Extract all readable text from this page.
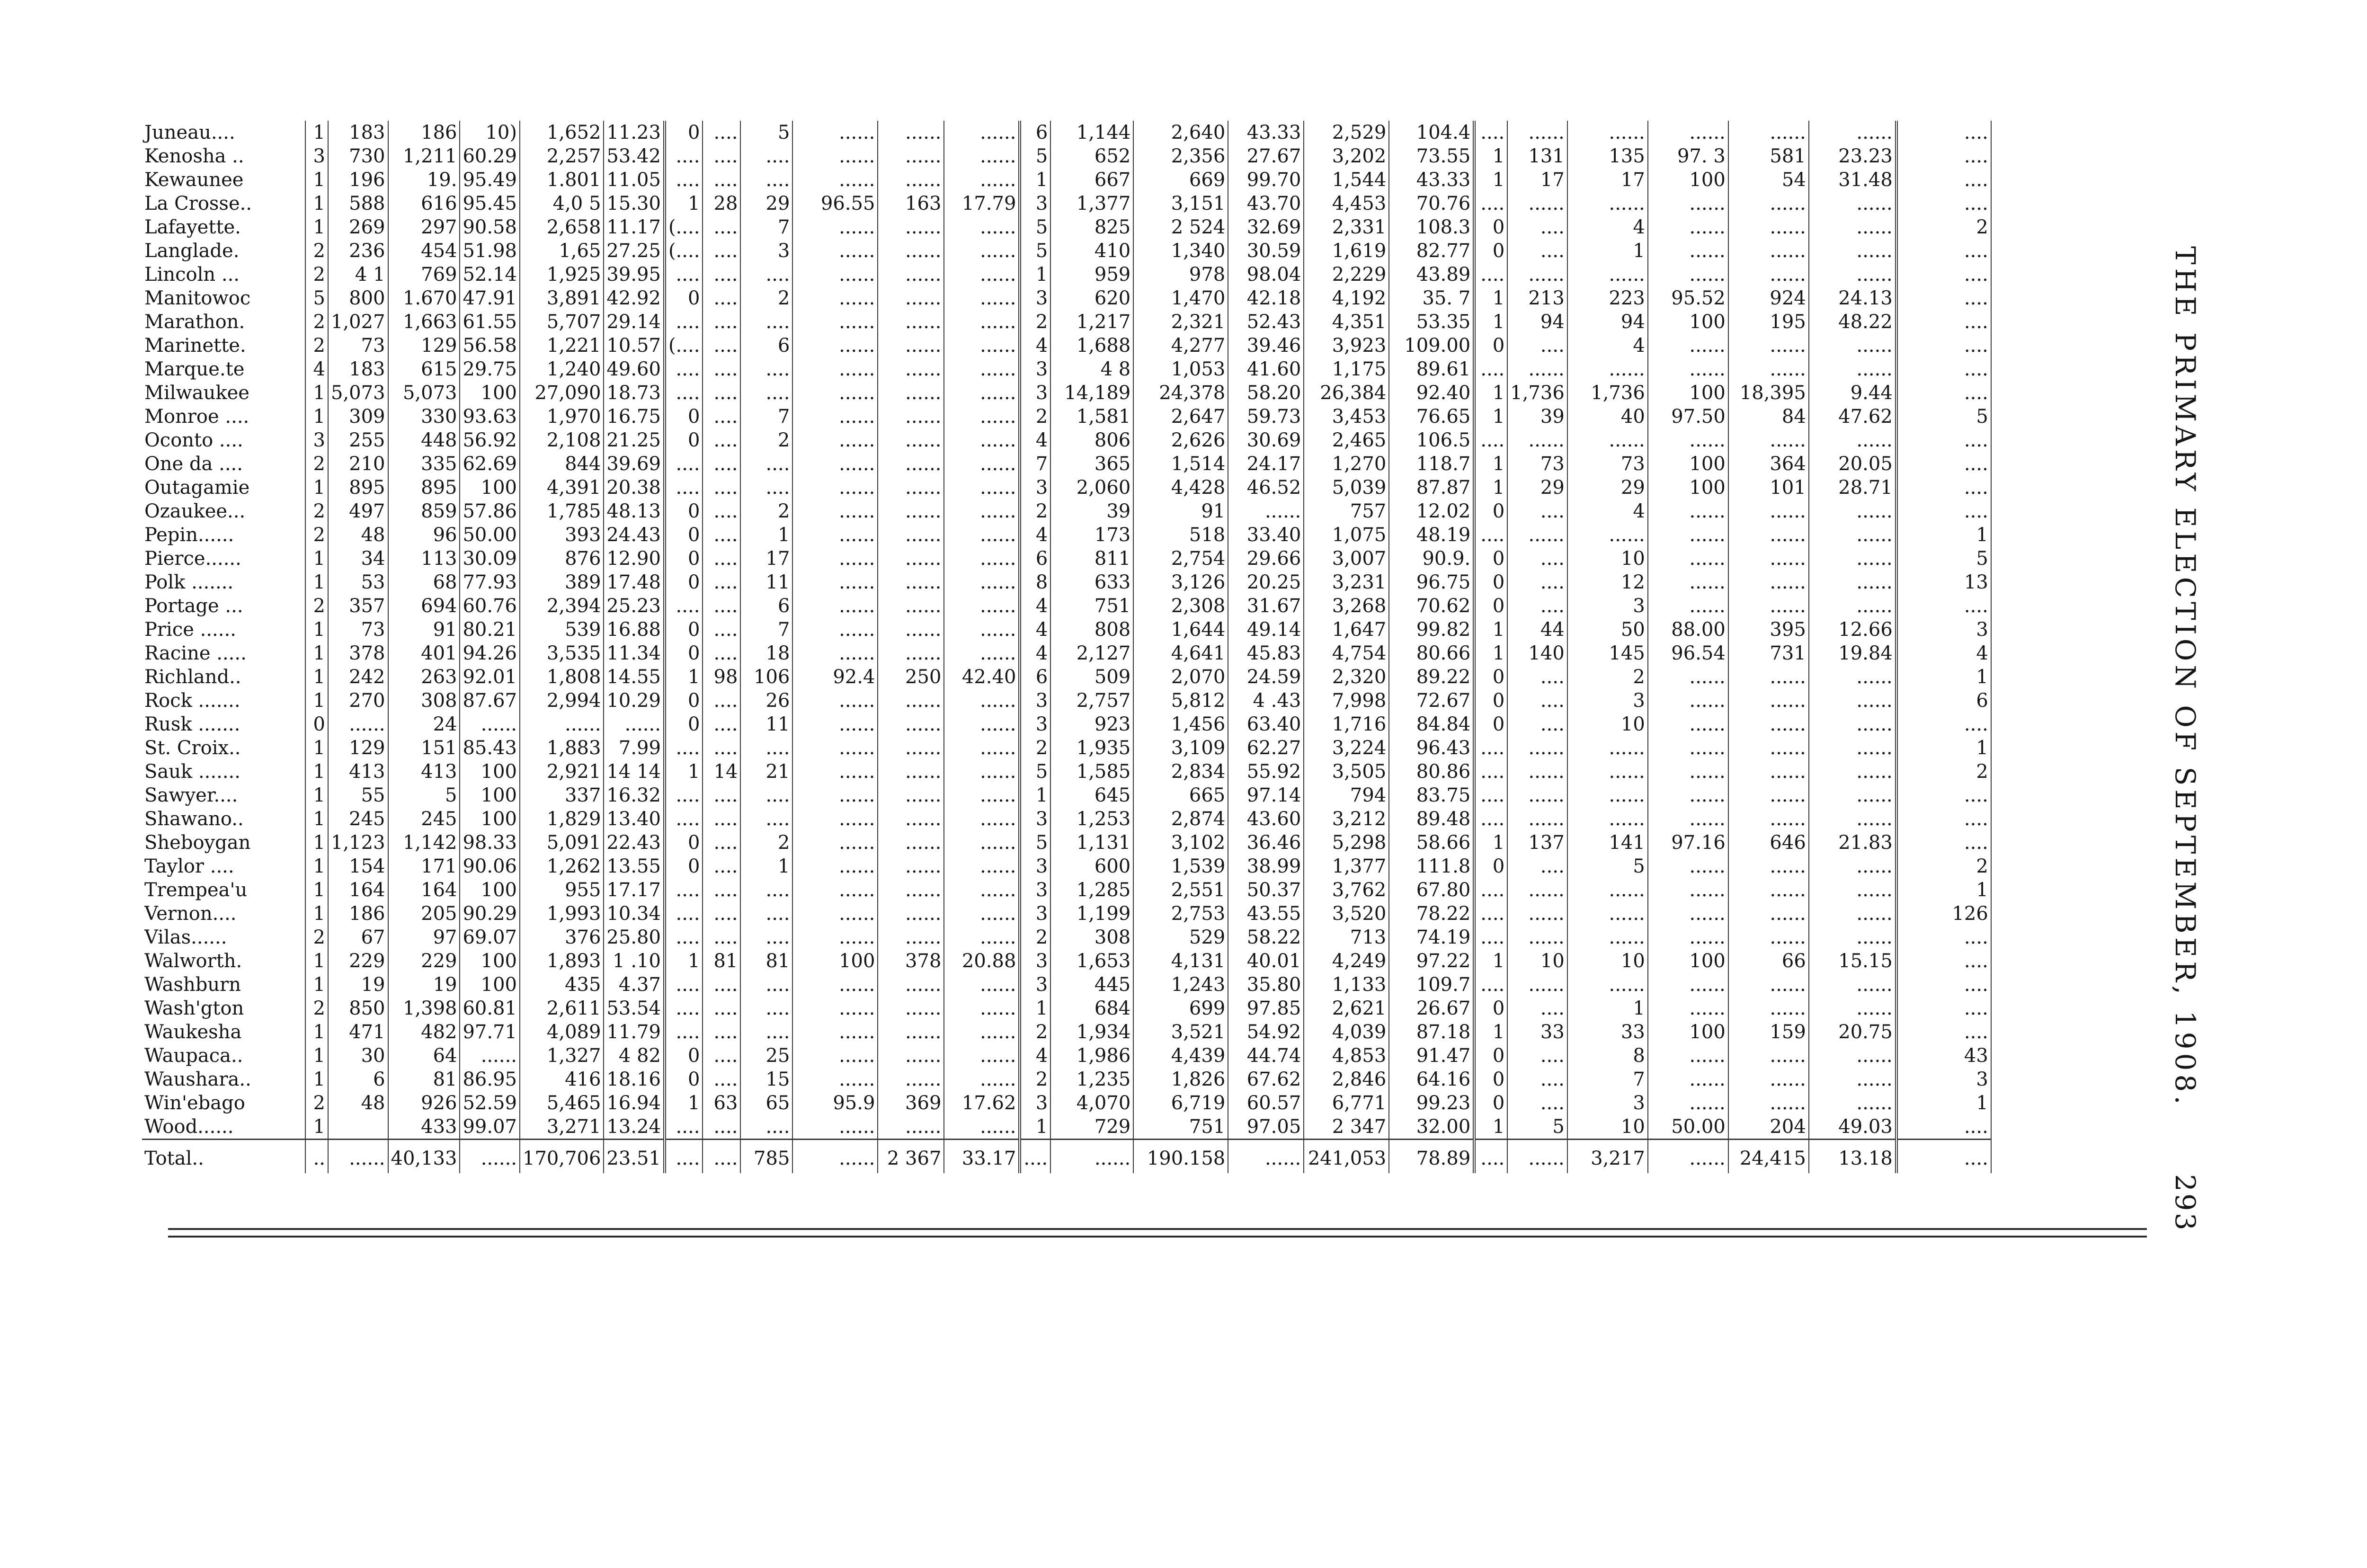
Juneau....	1	183	186	10)	1,652	11.23	0	....	5	......	......	......	6	1,144	2,640	43.33	2,529	104.4	....	......	......	......	......	......	....
Kenosha ..	3	730	1,211	60.29	2,257	53.42	....	....	....	......	......	......	5	652	2,356	27.67	3,202	73.55	1	131	135	97. 3	581	23.23	....
Kewaunee	1	196	19.	95.49	1.801	11.05	....	....	....	......	......	......	1	667	669	99.70	1,544	43.33	1	17	17	100	54	31.48	....
La Crosse..	1	588	616	95.45	4,0 5	15.30	1	28	29	96.55	163	17.79	3	1,377	3,151	43.70	4,453	70.76	....	......	......	......	......	......	....
Lafayette.	1	269	297	90.58	2,658	11.17	(....	....	7	......	......	......	5	825	2 524	32.69	2,331	108.3	0	....	4	......	......	......	2
Langlade.	2	236	454	51.98	1,65	27.25	(....	....	3	......	......	......	5	410	1,340	30.59	1,619	82.77	0	....	1	......	......	......	....
Lincoln ...	2	4 1	769	52.14	1,925	39.95	....	....	....	......	......	......	1	959	978	98.04	2,229	43.89	....	......	......	......	......	......	....
Manitowoc	5	800	1.670	47.91	3,891	42.92	0	....	2	......	......	......	3	620	1,470	42.18	4,192	35. 7	1	213	223	95.52	924	24.13	....
Marathon.	2	1,027	1,663	61.55	5,707	29.14	....	....	....	......	......	......	2	1,217	2,321	52.43	4,351	53.35	1	94	94	100	195	48.22	....
Marinette.	2	73	129	56.58	1,221	10.57	(....	....	6	......	......	......	4	1,688	4,277	39.46	3,923	109.00	0	....	4	......	......	......	....
Marque.te	4	183	615	29.75	1,240	49.60	....	....	....	......	......	......	3	4 8	1,053	41.60	1,175	89.61	....	......	......	......	......	......	....
Milwaukee	1	5,073	5,073	100	27,090	18.73	....	....	....	......	......	......	3	14,189	24,378	58.20	26,384	92.40	1	1,736	1,736	100	18,395	9.44	....
Monroe ....	1	309	330	93.63	1,970	16.75	0	....	7	......	......	......	2	1,581	2,647	59.73	3,453	76.65	1	39	40	97.50	84	47.62	5
Oconto ....	3	255	448	56.92	2,108	21.25	0	....	2	......	......	......	4	806	2,626	30.69	2,465	106.5	....	......	......	......	......	......	....
One da ....	2	210	335	62.69	844	39.69	....	....	....	......	......	......	7	365	1,514	24.17	1,270	118.7	1	73	73	100	364	20.05	....
Outagamie	1	895	895	100	4,391	20.38	....	....	....	......	......	......	3	2,060	4,428	46.52	5,039	87.87	1	29	29	100	101	28.71	....
Ozaukee...	2	497	859	57.86	1,785	48.13	0	....	2	......	......	......	2	39	91	......	757	12.02	0	....	4	......	......	......	....
Pepin......	2	48	96	50.00	393	24.43	0	....	1	......	......	......	4	173	518	33.40	1,075	48.19	....	......	......	......	......	......	1
Pierce......	1	34	113	30.09	876	12.90	0	....	17	......	......	......	6	811	2,754	29.66	3,007	90.9.	0	....	10	......	......	......	5
Polk .......	1	53	68	77.93	389	17.48	0	....	11	......	......	......	8	633	3,126	20.25	3,231	96.75	0	....	12	......	......	......	13
Portage ...	2	357	694	60.76	2,394	25.23	....	....	6	......	......	......	4	751	2,308	31.67	3,268	70.62	0	....	3	......	......	......	....
Price ......	1	73	91	80.21	539	16.88	0	....	7	......	......	......	4	808	1,644	49.14	1,647	99.82	1	44	50	88.00	395	12.66	3
Racine .....	1	378	401	94.26	3,535	11.34	0	....	18	......	......	......	4	2,127	4,641	45.83	4,754	80.66	1	140	145	96.54	731	19.84	4
Richland..	1	242	263	92.01	1,808	14.55	1	98	106	92.4	250	42.40	6	509	2,070	24.59	2,320	89.22	0	....	2	......	......	......	1
Rock .......	1	270	308	87.67	2,994	10.29	0	....	26	......	......	......	3	2,757	5,812	4 .43	7,998	72.67	0	....	3	......	......	......	6
Rusk .......	0	......	24	......	......	......	0	....	11	......	......	......	3	923	1,456	63.40	1,716	84.84	0	....	10	......	......	......	....
St. Croix..	1	129	151	85.43	1,883	7.99	....	....	....	......	......	......	2	1,935	3,109	62.27	3,224	96.43	....	......	......	......	......	......	1
Sauk .......	1	413	413	100	2,921	14 14	1	14	21	......	......	......	5	1,585	2,834	55.92	3,505	80.86	....	......	......	......	......	......	2
Sawyer....	1	55	5	100	337	16.32	....	....	....	......	......	......	1	645	665	97.14	794	83.75	....	......	......	......	......	......	....
Shawano..	1	245	245	100	1,829	13.40	....	....	....	......	......	......	3	1,253	2,874	43.60	3,212	89.48	....	......	......	......	......	......	....
Sheboygan	1	1,123	1,142	98.33	5,091	22.43	0	....	2	......	......	......	5	1,131	3,102	36.46	5,298	58.66	1	137	141	97.16	646	21.83	....
Taylor ....	1	154	171	90.06	1,262	13.55	0	....	1	......	......	......	3	600	1,539	38.99	1,377	111.8	0	....	5	......	......	......	2
Trempea'u	1	164	164	100	955	17.17	....	....	....	......	......	......	3	1,285	2,551	50.37	3,762	67.80	....	......	......	......	......	......	1
Vernon....	1	186	205	90.29	1,993	10.34	....	....	....	......	......	......	3	1,199	2,753	43.55	3,520	78.22	....	......	......	......	......	......	126
Vilas......	2	67	97	69.07	376	25.80	....	....	....	......	......	......	2	308	529	58.22	713	74.19	....	......	......	......	......	......	....
Walworth.	1	229	229	100	1,893	1 .10	1	81	81	100	378	20.88	3	1,653	4,131	40.01	4,249	97.22	1	10	10	100	66	15.15	....
Washburn	1	19	19	100	435	4.37	....	....	....	......	......	......	3	445	1,243	35.80	1,133	109.7	....	......	......	......	......	......	....
Wash'gton	2	850	1,398	60.81	2,611	53.54	....	....	....	......	......	......	1	684	699	97.85	2,621	26.67	0	....	1	......	......	......	....
Waukesha	1	471	482	97.71	4,089	11.79	....	....	....	......	......	......	2	1,934	3,521	54.92	4,039	87.18	1	33	33	100	159	20.75	....
Waupaca..	1	30	64	......	1,327	4 82	0	....	25	......	......	......	4	1,986	4,439	44.74	4,853	91.47	0	....	8	......	......	......	43
Waushara..	1	6	81	86.95	416	18.16	0	....	15	......	......	......	2	1,235	1,826	67.62	2,846	64.16	0	....	7	......	......	......	3
Win'ebago	2	48	926	52.59	5,465	16.94	1	63	65	95.9	369	17.62	3	4,070	6,719	60.57	6,771	99.23	0	....	3	......	......	......	1
Wood......	1		433	99.07	3,271	13.24	....	....	....	......	......	......	1	729	751	97.05	2 347	32.00	1	5	10	50.00	204	49.03	....
Total..	..	......	40,133	......	170,706	23.51	....	....	785	......	2 367	33.17	....	......	190.158	......	241,053	78.89	....	......	3,217	......	24,415	13.18	....
THE PRIMARY ELECTION OF SEPTEMBER, 1908.
293
